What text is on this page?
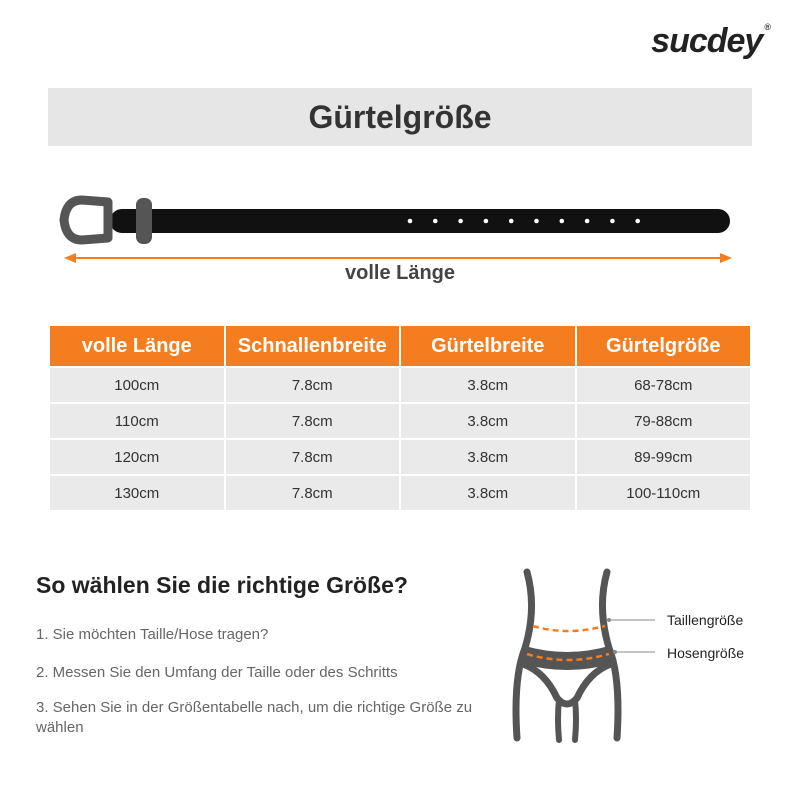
sucdey ®
Gürtelgröße
volle Länge
volle Länge	Schnallenbreite	Gürtelbreite	Gürtelgröße
100cm	7.8cm	3.8cm	68-78cm
110cm	7.8cm	3.8cm	79-88cm
120cm	7.8cm	3.8cm	89-99cm
130cm	7.8cm	3.8cm	100-110cm
So wählen Sie die richtige Größe?
1. Sie möchten Taille/Hose tragen?
2. Messen Sie den Umfang der Taille oder des Schritts
3. Sehen Sie in der Größentabelle nach, um die richtige Größe zu wählen
Taillengröße
Hosengröße
